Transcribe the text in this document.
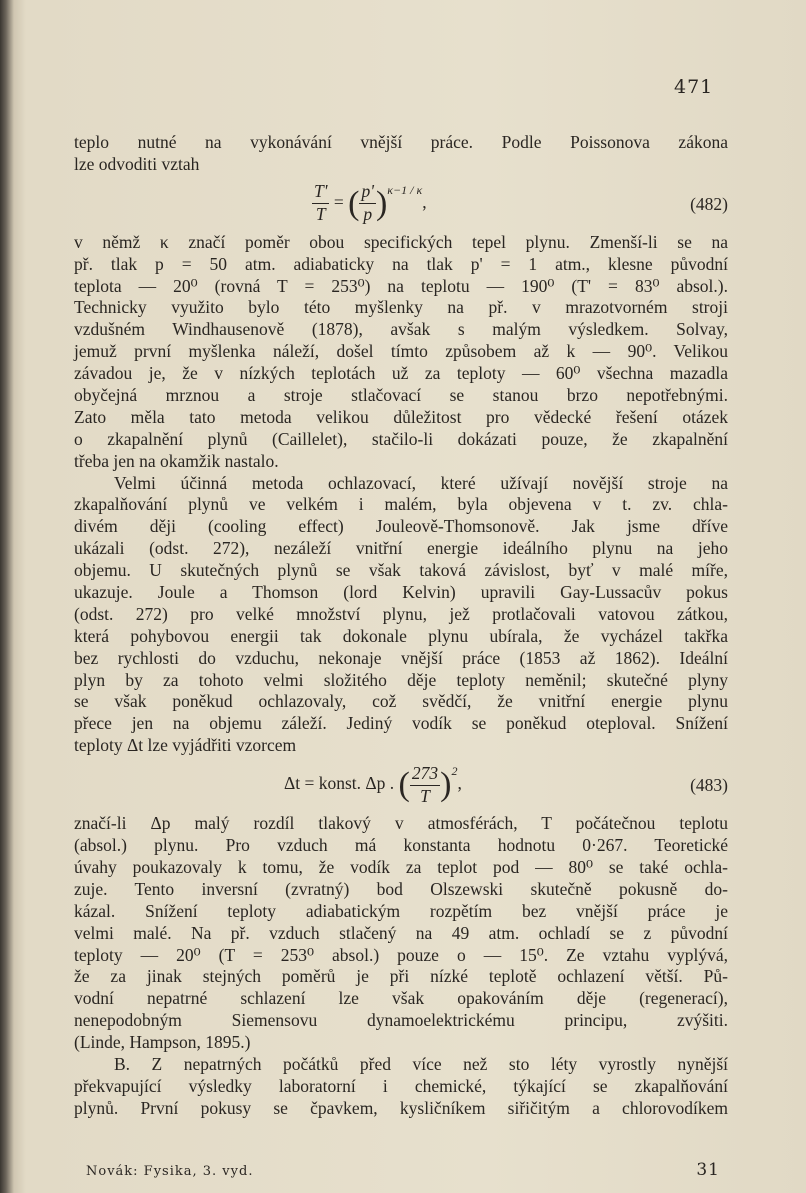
471
teplo nutné na vykonávání vnější práce. Podle Poissonova zákona
lze odvoditi vztah
$\frac{T'}{T}$ = ( $\frac{p'}{p} )^{\kappa-1 / \kappa}$,	(482)
v němž κ značí poměr obou specifických tepel plynu. Zmenší-li se na
př. tlak p = 50 atm. adiabaticky na tlak p' = 1 atm., klesne původní
teplota — 20⁰ (rovná T = 253⁰) na teplotu — 190⁰ (T' = 83⁰ absol.).
Technicky využito bylo této myšlenky na př. v mrazotvorném stroji
vzdušném Windhausenově (1878), avšak s malým výsledkem. Solvay,
jemuž první myšlenka náleží, došel tímto způsobem až k — 90⁰. Velikou
závadou je, že v nízkých teplotách už za teploty — 60⁰ všechna mazadla
obyčejná mrznou a stroje stlačovací se stanou brzo nepotřebnými.
Zato měla tato metoda velikou důležitost pro vědecké řešení otázek
o zkapalnění plynů (Caillelet), stačilo-li dokázati pouze, že zkapalnění
třeba jen na okamžik nastalo.
Velmi účinná metoda ochlazovací, které užívají novější stroje na
zkapalňování plynů ve velkém i malém, byla objevena v t. zv. chla-
divém ději (cooling effect) Jouleově-Thomsonově. Jak jsme dříve
ukázali (odst. 272), nezáleží vnitřní energie ideálního plynu na jeho
objemu. U skutečných plynů se však taková závislost, byť v malé míře,
ukazuje. Joule a Thomson (lord Kelvin) upravili Gay-Lussacův pokus
(odst. 272) pro velké množství plynu, jež protlačovali vatovou zátkou,
která pohybovou energii tak dokonale plynu ubírala, že vycházel takřka
bez rychlosti do vzduchu, nekonaje vnější práce (1853 až 1862). Ideální
plyn by za tohoto velmi složitého děje teploty neměnil; skutečné plyny
se však poněkud ochlazovaly, což svědčí, že vnitřní energie plynu
přece jen na objemu záleží. Jediný vodík se poněkud oteploval. Snížení
teploty Δt lze vyjádřiti vzorcem
Δt = konst. Δp . ( $\frac{273}{T} )^2$,	(483)
značí-li Δp malý rozdíl tlakový v atmosférách, T počátečnou teplotu
(absol.) plynu. Pro vzduch má konstanta hodnotu 0·267. Teoretické
úvahy poukazovaly k tomu, že vodík za teplot pod — 80⁰ se také ochla-
zuje. Tento inversní (zvratný) bod Olszewski skutečně pokusně do-
kázal. Snížení teploty adiabatickým rozpětím bez vnější práce je
velmi malé. Na př. vzduch stlačený na 49 atm. ochladí se z původní
teploty — 20⁰ (T = 253⁰ absol.) pouze o — 15⁰. Ze vztahu vyplývá,
že za jinak stejných poměrů je při nízké teplotě ochlazení větší. Pů-
vodní nepatrné schlazení lze však opakováním děje (regenerací),
nenepodobným Siemensovu dynamoelektrickému principu, zvýšiti.
(Linde, Hampson, 1895.)
B. Z nepatrných počátků před více než sto léty vyrostly nynější
překvapující výsledky laboratorní i chemické, týkající se zkapalňování
plynů. První pokusy se čpavkem, kysličníkem siřičitým a chlorovodíkem
Novák: Fysika, 3. vyd.	31
